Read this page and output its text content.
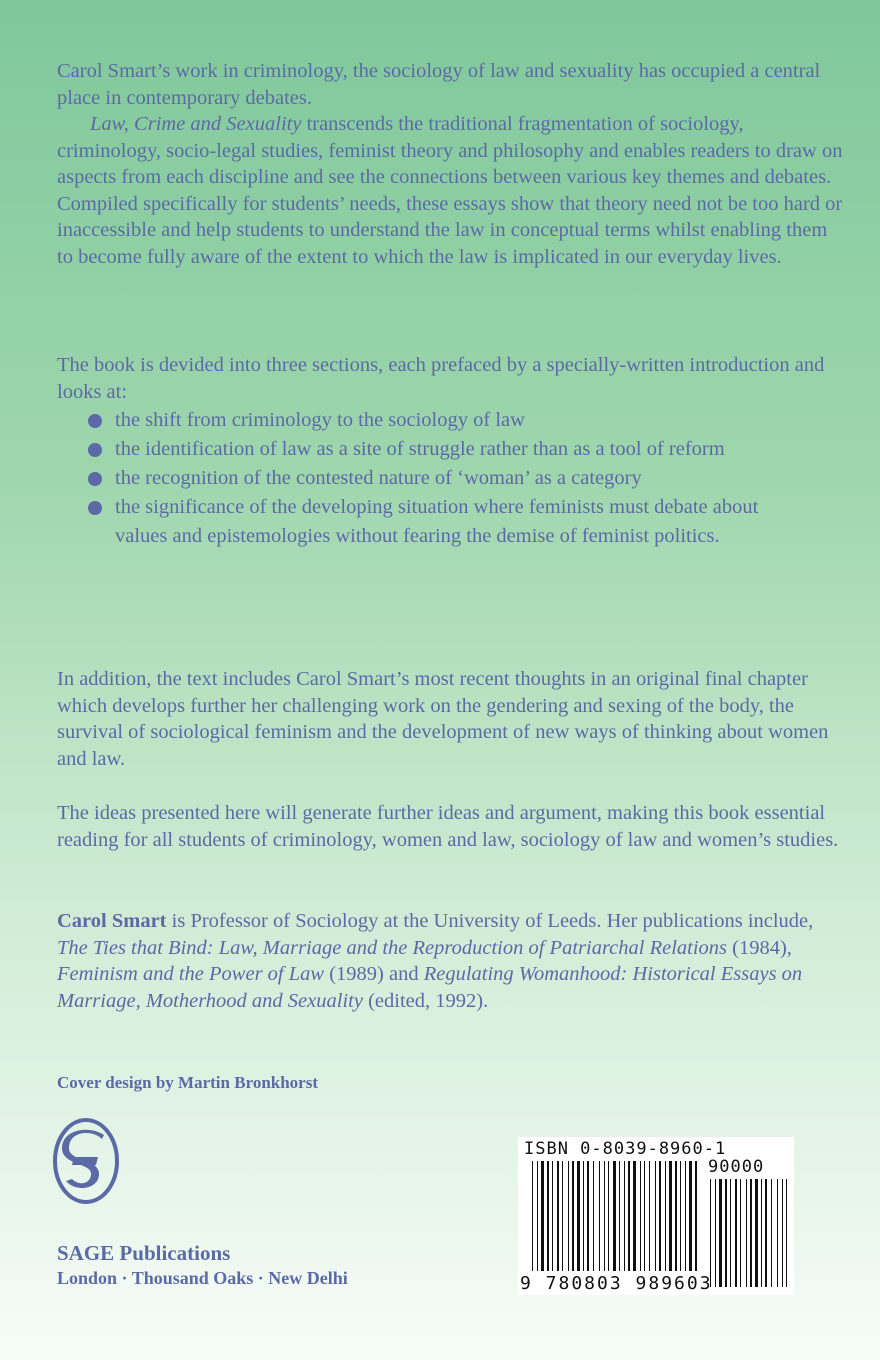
Carol Smart’s work in criminology, the sociology of law and sexuality has occupied a central place in contemporary debates.

Law, Crime and Sexuality transcends the traditional fragmentation of sociology, criminology, socio-legal studies, feminist theory and philosophy and enables readers to draw on aspects from each discipline and see the connections between various key themes and debates. Compiled specifically for students’ needs, these essays show that theory need not be too hard or inaccessible and help students to understand the law in conceptual terms whilst enabling them to become fully aware of the extent to which the law is implicated in our everyday lives.

The book is devided into three sections, each prefaced by a specially-written introduction and looks at:

the shift from criminology to the sociology of law
the identification of law as a site of struggle rather than as a tool of reform
the recognition of the contested nature of ‘woman’ as a category
the significance of the developing situation where feminists must debate about values and epistemologies without fearing the demise of feminist politics.

In addition, the text includes Carol Smart’s most recent thoughts in an original final chapter which develops further her challenging work on the gendering and sexing of the body, the survival of sociological feminism and the development of new ways of thinking about women and law.

The ideas presented here will generate further ideas and argument, making this book essential reading for all students of criminology, women and law, sociology of law and women’s studies.

Carol Smart is Professor of Sociology at the University of Leeds. Her publications include, The Ties that Bind: Law, Marriage and the Reproduction of Patriarchal Relations (1984), Feminism and the Power of Law (1989) and Regulating Womanhood: Historical Essays on Marriage, Motherhood and Sexuality (edited, 1992).

Cover design by Martin Bronkhorst
SAGE Publications
London · Thousand Oaks · New Delhi
ISBN 0-8039-8960-1
90000
9 780803 989603
